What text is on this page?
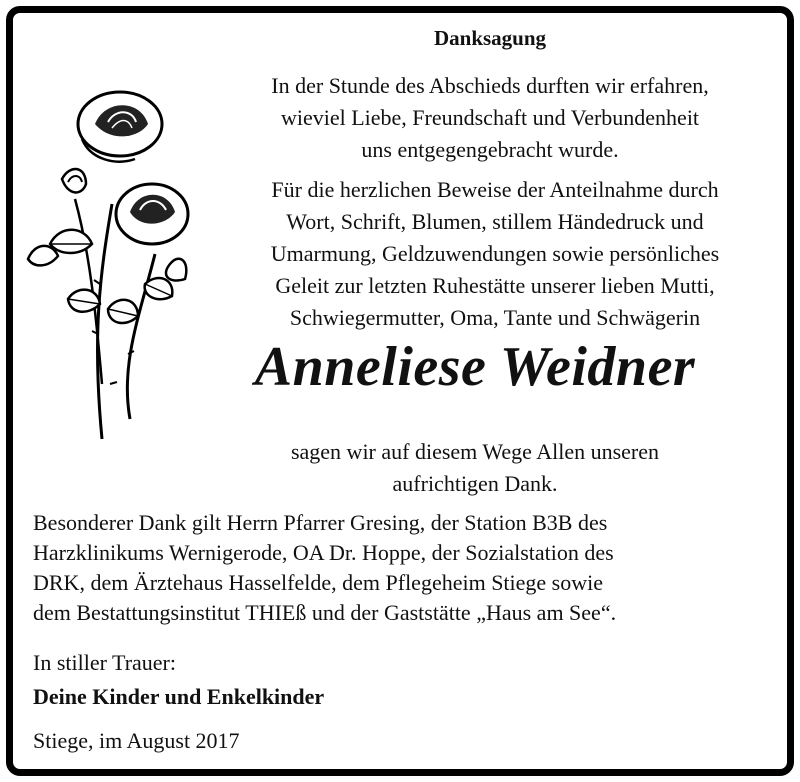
Danksagung
In der Stunde des Abschieds durften wir erfahren,
wieviel Liebe, Freundschaft und Verbundenheit
uns entgegengebracht wurde.
Für die herzlichen Beweise der Anteilnahme durch
Wort, Schrift, Blumen, stillem Händedruck und
Umarmung, Geldzuwendungen sowie persönliches
Geleit zur letzten Ruhestätte unserer lieben Mutti,
Schwiegermutter, Oma, Tante und Schwägerin
Anneliese Weidner
sagen wir auf diesem Wege Allen unseren
aufrichtigen Dank.
Besonderer Dank gilt Herrn Pfarrer Gresing, der Station B3B des
Harzklinikums Wernigerode, OA Dr. Hoppe, der Sozialstation des
DRK, dem Ärztehaus Hasselfelde, dem Pflegeheim Stiege sowie
dem Bestattungsinstitut THIEß und der Gaststätte „Haus am See“.
In stiller Trauer:
Deine Kinder und Enkelkinder
Stiege, im August 2017
